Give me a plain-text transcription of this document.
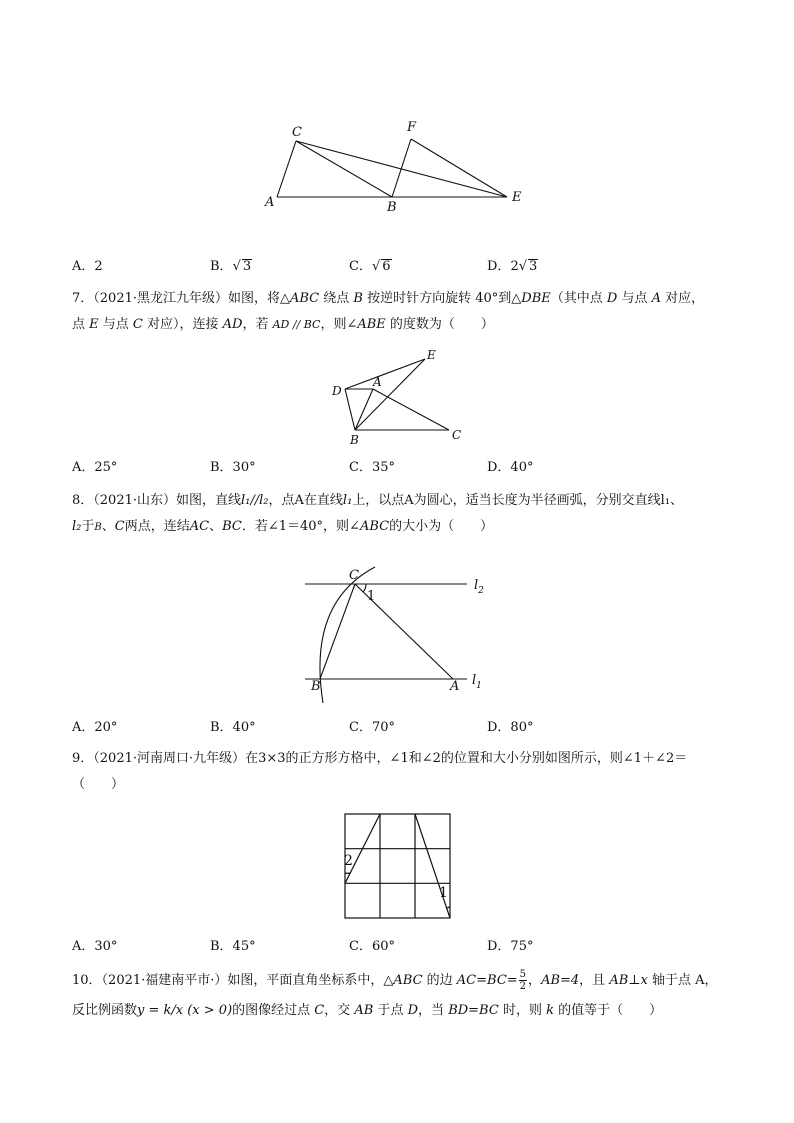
C	F
A	B
E
A．2	B．√ 3	C．√ 6	D．2√ 3
7．（2021·黑龙江九年级）如图，将△ABC 绕点 B 按逆时针方向旋转 40°到△DBE（其中点 D 与点 A 对应，
点 E 与点 C 对应），连接 AD，若 AD // BC，则∠ABE 的度数为（　　）
E
D
A
B	C
A．25°	B．30°	C．35°	D．40°
8．（2021·山东）如图，直线l₁//l₂，点A在直线l₁上，以点A为圆心，适当长度为半径画弧，分别交直线l₁、
l₂于B、C两点，连结AC、BC．若∠1＝40°，则∠ABC的大小为（　　）
C
$l_2$
1
B	A $l_1$
A．20°	B．40°	C．70°	D．80°
9．（2021·河南周口·九年级）在3×3的正方形方格中，∠1和∠2的位置和大小分别如图所示，则∠1＋∠2＝
（　　）
2
1
A．30°	B．45°	C．60°	D．75°
10．（2021·福建南平市·）如图，平面直角坐标系中，△ABC 的边 $AC=BC= \frac{5}{2}$ ，AB=4，且 AB⊥x 轴于点 A，
反比例函数y = k/x (x > 0)的图像经过点 C，交 AB 于点 D，当 BD=BC 时，则 k 的值等于（　　）
